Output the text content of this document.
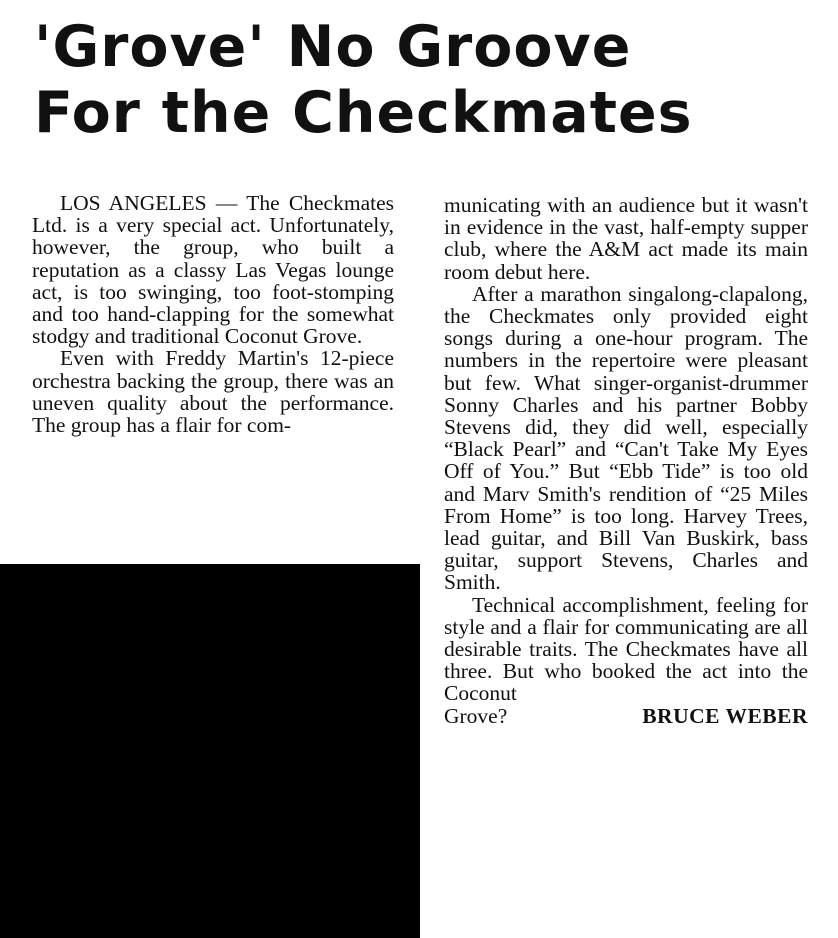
'Grove' No Groove
For the Checkmates

LOS ANGELES — The Checkmates Ltd. is a very special act. Unfortunately, however, the group, who built a reputation as a classy Las Vegas lounge act, is too swinging, too foot-stomping and too hand-clapping for the somewhat stodgy and traditional Coconut Grove.

Even with Freddy Martin's 12-piece orchestra backing the group, there was an uneven quality about the performance. The group has a flair for com-

municating with an audience but it wasn't in evidence in the vast, half-empty supper club, where the A&M act made its main room debut here.

After a marathon singalong-clapalong, the Checkmates only provided eight songs during a one-hour program. The numbers in the repertoire were pleasant but few. What singer-organist-drummer Sonny Charles and his partner Bobby Stevens did, they did well, especially “Black Pearl” and “Can't Take My Eyes Off of You.” But “Ebb Tide” is too old and Marv Smith's rendition of “25 Miles From Home” is too long. Harvey Trees, lead guitar, and Bill Van Buskirk, bass guitar, support Stevens, Charles and Smith.

Technical accomplishment, feeling for style and a flair for communicating are all desirable traits. The Checkmates have all three. But who booked the act into the Coconut

Grove?	BRUCE WEBER
